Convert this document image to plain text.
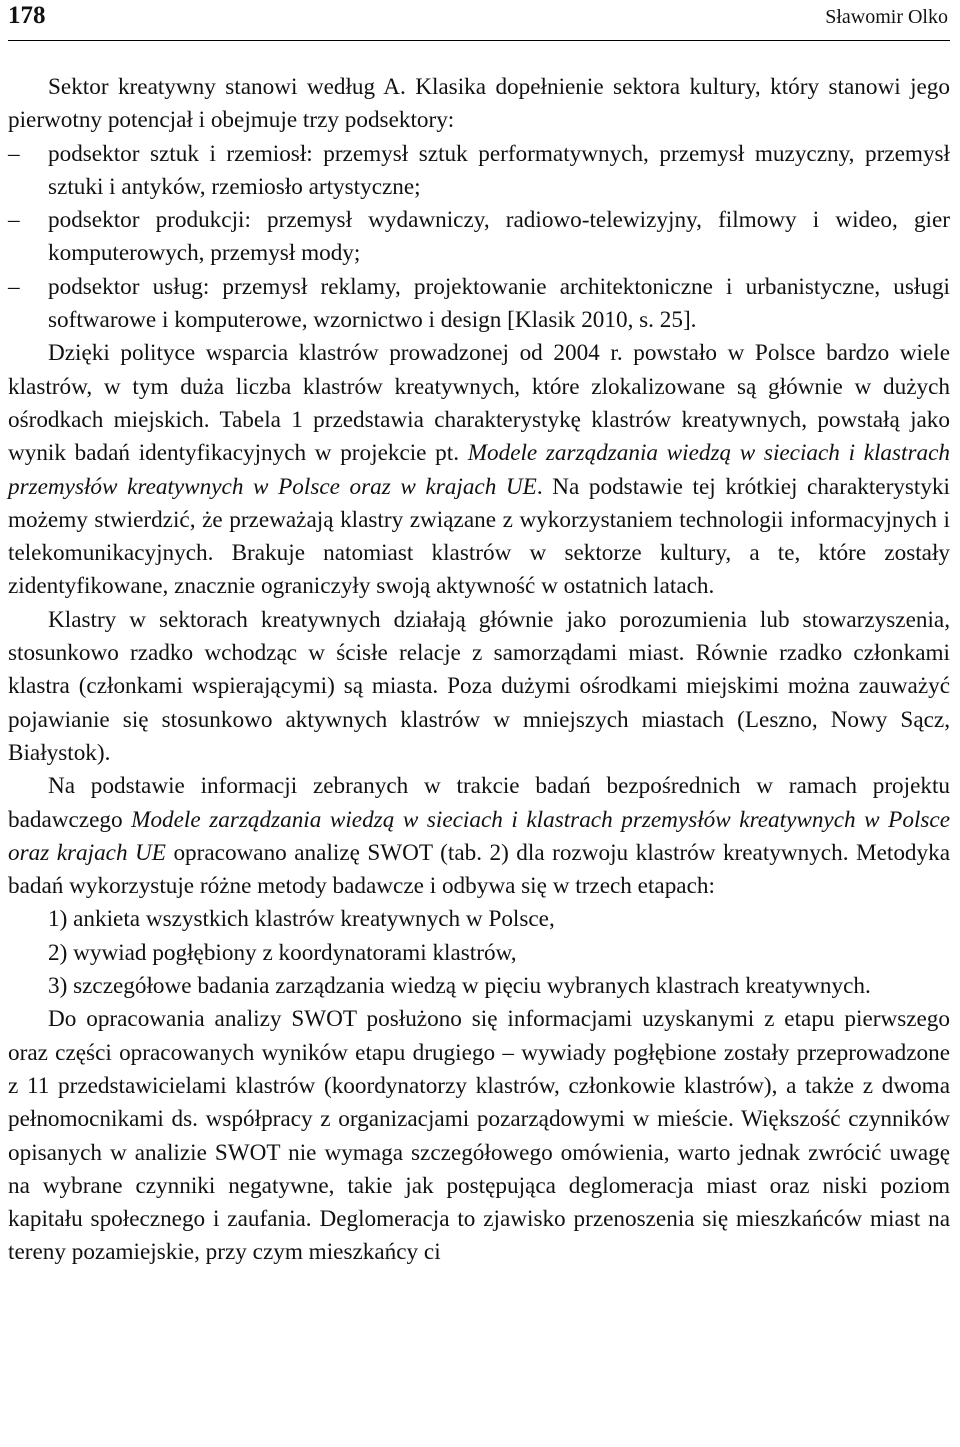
178	Sławomir Olko

Sektor kreatywny stanowi według A. Klasika dopełnienie sektora kultury, który stanowi jego pierwotny potencjał i obejmuje trzy podsektory:

– podsektor sztuk i rzemiosł: przemysł sztuk performatywnych, przemysł muzyczny, przemysł sztuki i antyków, rzemiosło artystyczne;
– podsektor produkcji: przemysł wydawniczy, radiowo-telewizyjny, filmowy i wideo, gier komputerowych, przemysł mody;
– podsektor usług: przemysł reklamy, projektowanie architektoniczne i urbanistyczne, usługi softwarowe i komputerowe, wzornictwo i design [Klasik 2010, s. 25].

Dzięki polityce wsparcia klastrów prowadzonej od 2004 r. powstało w Polsce bardzo wiele klastrów, w tym duża liczba klastrów kreatywnych, które zlokalizowane są głównie w dużych ośrodkach miejskich. Tabela 1 przedstawia charakterystykę klastrów kreatywnych, powstałą jako wynik badań identyfikacyjnych w projekcie pt. Modele zarządzania wiedzą w sieciach i klastrach przemysłów kreatywnych w Polsce oraz w krajach UE. Na podstawie tej krótkiej charakterystyki możemy stwierdzić, że przeważają klastry związane z wykorzystaniem technologii informacyjnych i telekomunikacyjnych. Brakuje natomiast klastrów w sektorze kultury, a te, które zostały zidentyfikowane, znacznie ograniczyły swoją aktywność w ostatnich latach.

Klastry w sektorach kreatywnych działają głównie jako porozumienia lub stowarzyszenia, stosunkowo rzadko wchodząc w ścisłe relacje z samorządami miast. Równie rzadko członkami klastra (członkami wspierającymi) są miasta. Poza dużymi ośrodkami miejskimi można zauważyć pojawianie się stosunkowo aktywnych klastrów w mniejszych miastach (Leszno, Nowy Sącz, Białystok).

Na podstawie informacji zebranych w trakcie badań bezpośrednich w ramach projektu badawczego Modele zarządzania wiedzą w sieciach i klastrach przemysłów kreatywnych w Polsce oraz krajach UE opracowano analizę SWOT (tab. 2) dla rozwoju klastrów kreatywnych. Metodyka badań wykorzystuje różne metody badawcze i odbywa się w trzech etapach:

1) ankieta wszystkich klastrów kreatywnych w Polsce,
2) wywiad pogłębiony z koordynatorami klastrów,
3) szczegółowe badania zarządzania wiedzą w pięciu wybranych klastrach kreatywnych.

Do opracowania analizy SWOT posłużono się informacjami uzyskanymi z etapu pierwszego oraz części opracowanych wyników etapu drugiego – wywiady pogłębione zostały przeprowadzone z 11 przedstawicielami klastrów (koordynatorzy klastrów, członkowie klastrów), a także z dwoma pełnomocnikami ds. współpracy z organizacjami pozarządowymi w mieście. Większość czynników opisanych w analizie SWOT nie wymaga szczegółowego omówienia, warto jednak zwrócić uwagę na wybrane czynniki negatywne, takie jak postępująca deglomeracja miast oraz niski poziom kapitału społecznego i zaufania. Deglomeracja to zjawisko przenoszenia się mieszkańców miast na tereny pozamiejskie, przy czym mieszkańcy ci
